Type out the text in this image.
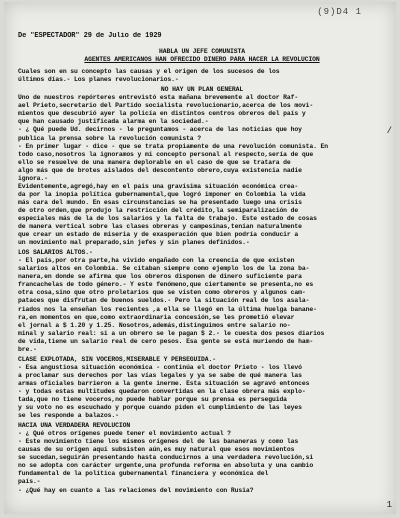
(9)D4 1
/
1
De "ESPECTADOR" 29 de Julio de 1929
HABLA UN JEFE COMUNISTA
AGENTES AMERICANOS HAN OFRECIDO DINERO PARA HACER LA REVOLUCION
Cuales son en su concepto las causas y el origen de los sucesos de los
últimos días.- Los planes revolucionarios.-
NO HAY UN PLAN GENERAL
Uno de nuestros repórteres entrevistó esta mañana brevemente al doctor Raf-
ael Prieto,secretario del Partido socialista revolucionario,acerca de los movi-
mientos que descubrió ayer la policía en distintos centros obreros del país y
que han causado justificada alarma en la sociedad.-
- ¿ Qué puede Ud. decirnos - le preguntamos - acerca de las noticias que hoy
publica la prensa sobre la revolución comunista ?
- En primer lugar - dice - que se trata propiamente de una revolución comunista. En
todo caso,nosotros la ignoramos y mi concepto personal al respecto,sería de que
ello se resuelve de una manera deplorable en el caso de que se tratara de
algo más que de brotes aislados del descontento obrero,cuya existencia nadie
ignora.-
Evidentemente,agregó,hay en el país una gravísima situación económica crea-
da por la inopia política gubernamental,que logró imponer en Colombia la vida
más cara del mundo. En esas circunstancias se ha presentado luego una crisis
de otro orden,que produjo la restricción del crédito,la semiparalización de
especiales más de la de los salarios y la falta de trabajo. Este estado de cosas
de manera vertical sobre las clases obreras y campesinas,tenían naturalmente
que crear un estado de miseria y de exasperación que bien podría conducir a
un movimiento mal preparado,sin jefes y sin planes definidos.-
LOS SALARIOS ALTOS.-
- El país,por otra parte,ha vivido engañado con la creencia de que existen
salarios altos en Colombia. Se citaban siempre como ejemplo los de la zona ba-
nanera,en donde se afirma que los obreros disponen de dinero suficiente para
francachelas de todo género.- Y este fenómeno,que ciertamente se presenta,no es
otra cosa,sino que otro proletarios que se visten como obreros y algunos cam-
pataces que disfrutan de buenos sueldos.- Pero la situación real de los asala-
riados nos la enseñan los recientes ,a ella se llegó en la última huelga banane-
ra,en momentos en que,como extraordinaria concesión,se les prometió elevar
el jornal a $ 1.20 y 1.25. Nosotros,además,distinguimos entre salario no-
minal y salario real: si a un obrero se le pagan $ 2.- le cuesta dos pesos diarios
de vida,tiene un salario real de cero pesos. Esa gente se está muriendo de ham-
bre.-
CLASE EXPLOTADA, SIN VOCEROS,MISERABLE Y PERSEGUIDA.-
- Esa angustiosa situación económica - continúa el doctor Prieto - los llevó
a proclamar sus derechos por las vías legales y ya se sabe de qué manera las
armas oficiales barrieron a la gente inerme. Esta situación se agravó entonces
- y todas estas multitudes quedaron convertidas en la clase obrera más explo-
tada,que no tiene voceros,no puede hablar porque su prensa es perseguida
y su voto no es escuchado y porque cuando piden el cumplimiento de las leyes
se les responde a balazos.-
HACIA UNA VERDADERA REVOLUCION
- ¿ Qué otros orígenes puede tener el movimiento actual ?
- Este movimiento tiene los mismos orígenes del de las bananeras y como las
causas de su origen aquí subsisten aún,es muy natural que esos movimientos
se sucedan,seguirán presentando hasta conducirnos a una verdadera revolución,si
no se adopta con carácter urgente,una profunda reforma en absoluta y una cambio
fundamental de la política gubernamental financiera y económica del
país.-
- ¿Qué hay en cuanto a las relaciones del movimiento con Rusia?
